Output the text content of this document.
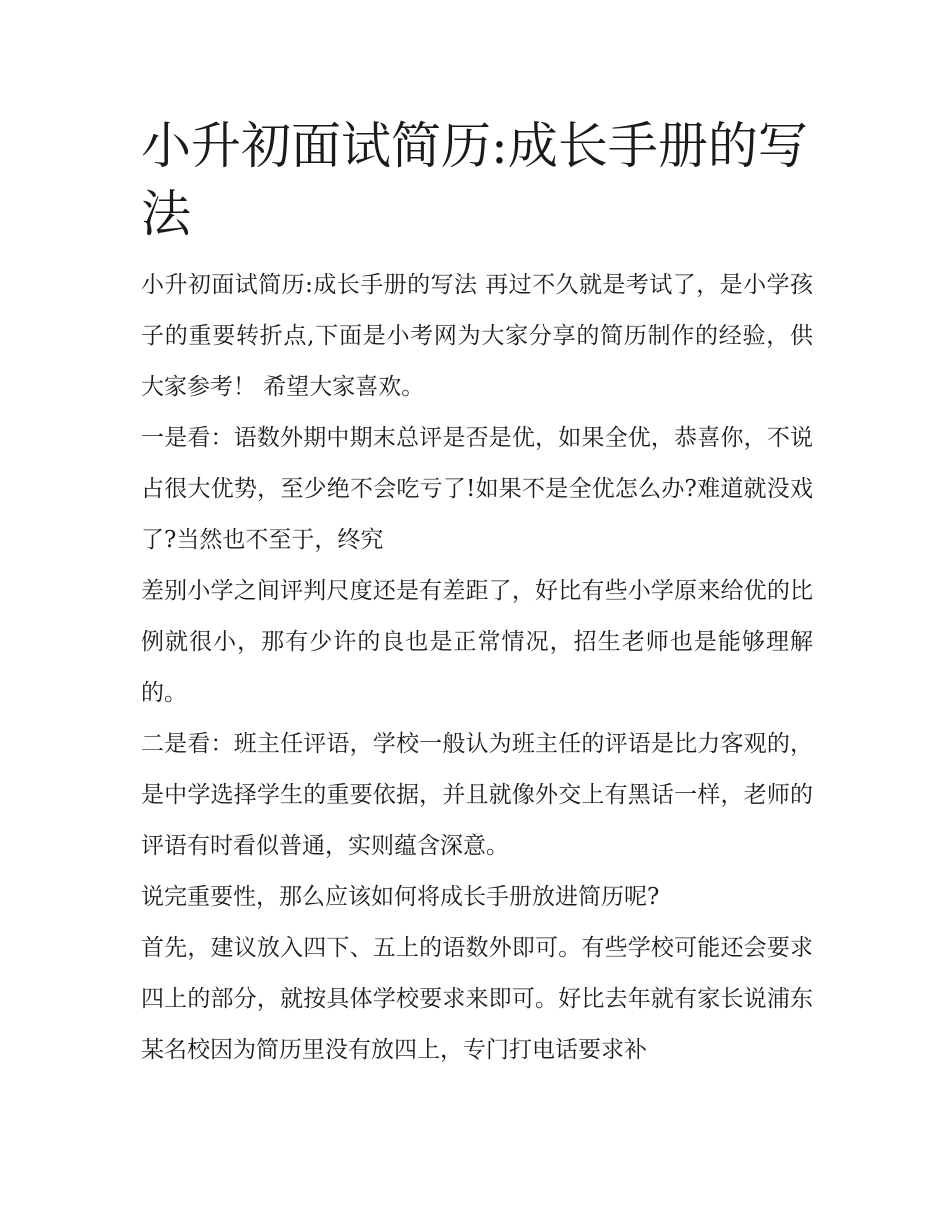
小升初面试简历:成长手册的写法

小升初面试简历:成长手册的写法 再过不久就是考试了，是小学孩子的重要转折点,下面是小考网为大家分享的简历制作的经验，供大家参考！ 希望大家喜欢。

一是看：语数外期中期末总评是否是优，如果全优，恭喜你，不说占很大优势，至少绝不会吃亏了!如果不是全优怎么办?难道就没戏了?当然也不至于，终究

差别小学之间评判尺度还是有差距了，好比有些小学原来给优的比例就很小，那有少许的良也是正常情况，招生老师也是能够理解的。

二是看：班主任评语，学校一般认为班主任的评语是比力客观的，是中学选择学生的重要依据，并且就像外交上有黑话一样，老师的评语有时看似普通，实则蕴含深意。

说完重要性，那么应该如何将成长手册放进简历呢?

首先，建议放入四下、五上的语数外即可。有些学校可能还会要求四上的部分，就按具体学校要求来即可。好比去年就有家长说浦东某名校因为简历里没有放四上，专门打电话要求补
